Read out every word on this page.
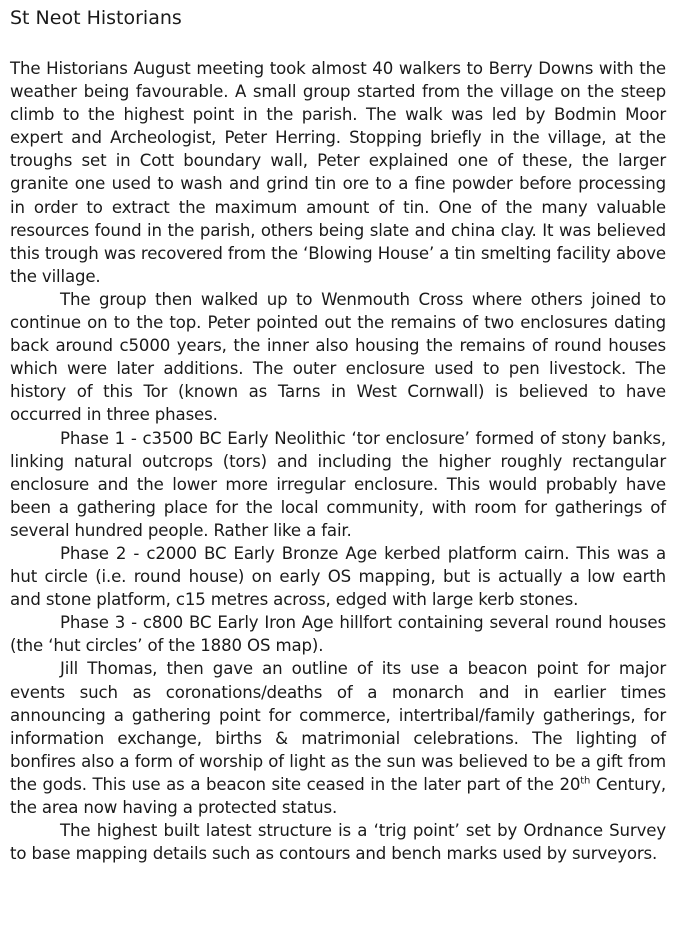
St Neot Historians

The Historians August meeting took almost 40 walkers to Berry Downs with the weather being favourable. A small group started from the village on the steep climb to the highest point in the parish. The walk was led by Bodmin Moor expert and Archeologist, Peter Herring. Stopping briefly in the village, at the troughs set in Cott boundary wall, Peter explained one of these, the larger granite one used to wash and grind tin ore to a fine powder before processing in order to extract the maximum amount of tin. One of the many valuable resources found in the parish, others being slate and china clay. It was believed this trough was recovered from the ‘Blowing House’ a tin smelting facility above the village.

The group then walked up to Wenmouth Cross where others joined to continue on to the top. Peter pointed out the remains of two enclosures dating back around c5000 years, the inner also housing the remains of round houses which were later additions. The outer enclosure used to pen livestock. The history of this Tor (known as Tarns in West Cornwall) is believed to have occurred in three phases.

Phase 1 - c3500 BC Early Neolithic ‘tor enclosure’ formed of stony banks, linking natural outcrops (tors) and including the higher roughly rectangular enclosure and the lower more irregular enclosure. This would probably have been a gathering place for the local community, with room for gatherings of several hundred people. Rather like a fair.

Phase 2 - c2000 BC Early Bronze Age kerbed platform cairn. This was a hut circle (i.e. round house) on early OS mapping, but is actually a low earth and stone platform, c15 metres across, edged with large kerb stones.

Phase 3 - c800 BC Early Iron Age hillfort containing several round houses (the ‘hut circles’ of the 1880 OS map).

Jill Thomas, then gave an outline of its use a beacon point for major events such as coronations/deaths of a monarch and in earlier times announcing a gathering point for commerce, intertribal/family gatherings, for information exchange, births & matrimonial celebrations. The lighting of bonfires also a form of worship of light as the sun was believed to be a gift from the gods. This use as a beacon site ceased in the later part of the 20th Century, the area now having a protected status.

The highest built latest structure is a ‘trig point’ set by Ordnance Survey to base mapping details such as contours and bench marks used by surveyors.
